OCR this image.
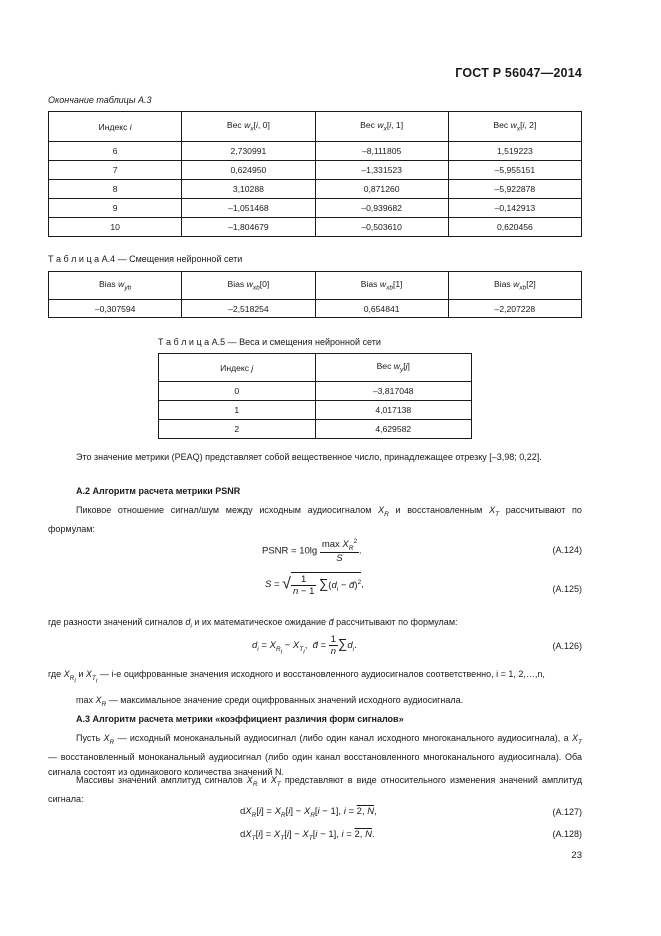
ГОСТ Р 56047—2014
Окончание таблицы А.3
Индекс i	Вес $w_x[i$, 0]	Вес $w_x[i$, 1]	Вес $w_x[i$, 2]
6	2,730991	–8,111805	1,519223
7	0,624950	–1,331523	–5,955151
8	3,10288	0,871260	–5,922878
9	–1,051468	–0,939682	–0,142913
10	–1,804679	–0,503610	0,620456
Т а б л и ц а А.4 — Смещения нейронной сети
Bias $w_{yb}$	Bias $w_{xb}[0]$	Bias $w_{xb}[1]$	Bias $w_{xb}[2]$
–0,307594	–2,518254	0,654841	–2,207228
Т а б л и ц а А.5 — Веса и смещения нейронной сети
Индекс j	Вес $w_y[j]$
0	–3,817048
1	4,017138
2	4,629582
Это значение метрики (PEAQ) представляет собой вещественное число, принадлежащее отрезку [–3,98; 0,22].
А.2 Алгоритм расчета метрики PSNR
Пиковое отношение сигнал/шум между исходным аудиосигналом $X_R$ и восстановленным $X_T$ рассчитывают по формулам:
PSNR = $10\lg \frac{\max X_R^2}{S}$ .	(А.124)
S = √ $\frac{1}{n - 1} \sum(d_i$ − d̄)$^2$,	(А.125)
где разности значений сигналов $d_i$ и их математическое ожидание d̄ рассчитывают по формулам:
$d_i = X_{R_i} - X_{T_i}$,  d̄ = $\frac{1}{n} \sum d_i$.	(А.126)
где $X_{R_i}$ и $X_{T_i}$ — i-е оцифрованные значения исходного и восстановленного аудиосигналов соответственно, i = 1, 2,…,n,
$\max X_R$ — максимальное значение среди оцифрованных значений исходного аудиосигнала.
А.3 Алгоритм расчета метрики «коэффициент различия форм сигналов»
Пусть $X_R$ — исходный моноканальный аудиосигнал (либо один канал исходного многоканального аудиосигнала), а $X_T$ — восстановленный моноканальный аудиосигнал (либо один канал восстановленного многоканального аудиосигнала). Оба сигнала состоят из одинакового количества значений N.
Массивы значений амплитуд сигналов $X_R$ и $X_T$ представляют в виде относительного изменения значений амплитуд сигнала:
$dX_R[i] = X_R[i] - X_R[i - 1]$, i = 2, N,	(А.127)
$dX_T[i] = X_T[i] - X_T[i - 1]$, i = 2, N.	(А.128)
23
